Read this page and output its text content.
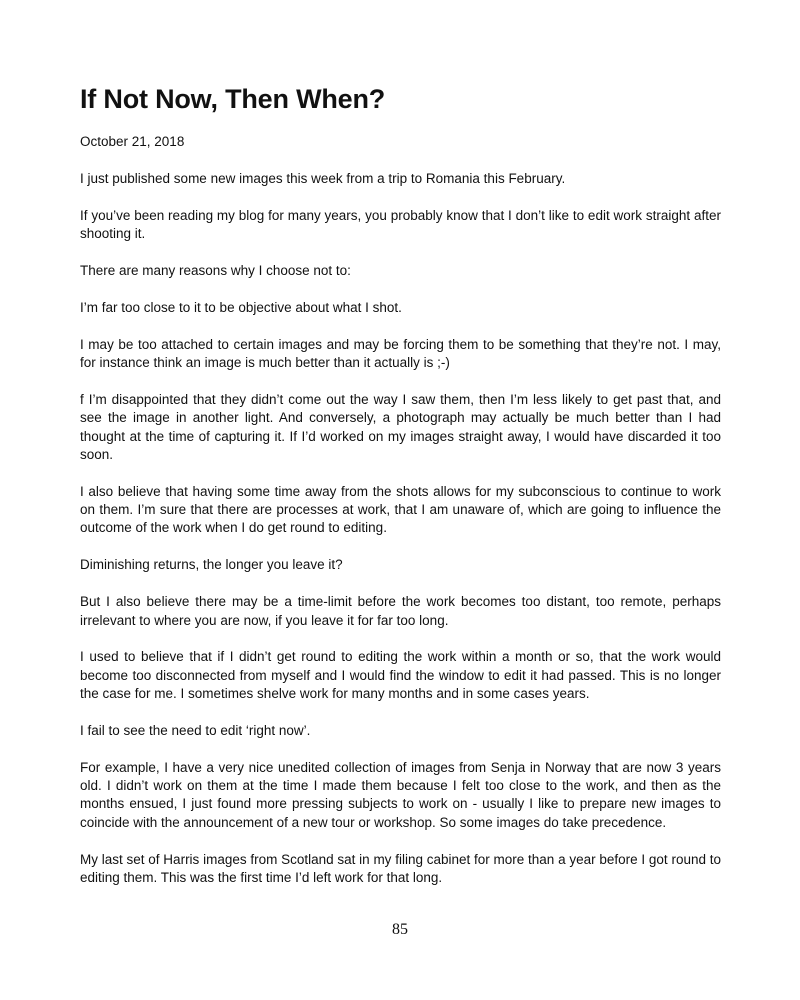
If Not Now, Then When?
October 21, 2018

I just published some new images this week from a trip to Romania this February.

If you’ve been reading my blog for many years, you probably know that I don’t like to edit work straight after shooting it.

There are many reasons why I choose not to:

I’m far too close to it to be objective about what I shot.

I may be too attached to certain images and may be forcing them to be something that they’re not. I may, for instance think an image is much better than it actually is ;-)

f I’m disappointed that they didn’t come out the way I saw them, then I’m less likely to get past that, and see the image in another light. And conversely, a photograph may actually be much better than I had thought at the time of capturing it. If I’d worked on my images straight away, I would have discarded it too soon.

I also believe that having some time away from the shots allows for my subconscious to continue to work on them. I’m sure that there are processes at work, that I am unaware of, which are going to influence the outcome of the work when I do get round to editing.

Diminishing returns, the longer you leave it?

But I also believe there may be a time-limit before the work becomes too distant, too remote, perhaps irrelevant to where you are now, if you leave it for far too long.

I used to believe that if I didn’t get round to editing the work within a month or so, that the work would become too disconnected from myself and I would find the window to edit it had passed. This is no longer the case for me. I sometimes shelve work for many months and in some cases years.

I fail to see the need to edit ‘right now’.

For example, I have a very nice unedited collection of images from Senja in Norway that are now 3 years old. I didn’t work on them at the time I made them because I felt too close to the work, and then as the months ensued, I just found more pressing subjects to work on - usually I like to prepare new images to coincide with the announcement of a new tour or workshop. So some images do take precedence.

My last set of Harris images from Scotland sat in my filing cabinet for more than a year before I got round to editing them. This was the first time I’d left work for that long.

85
